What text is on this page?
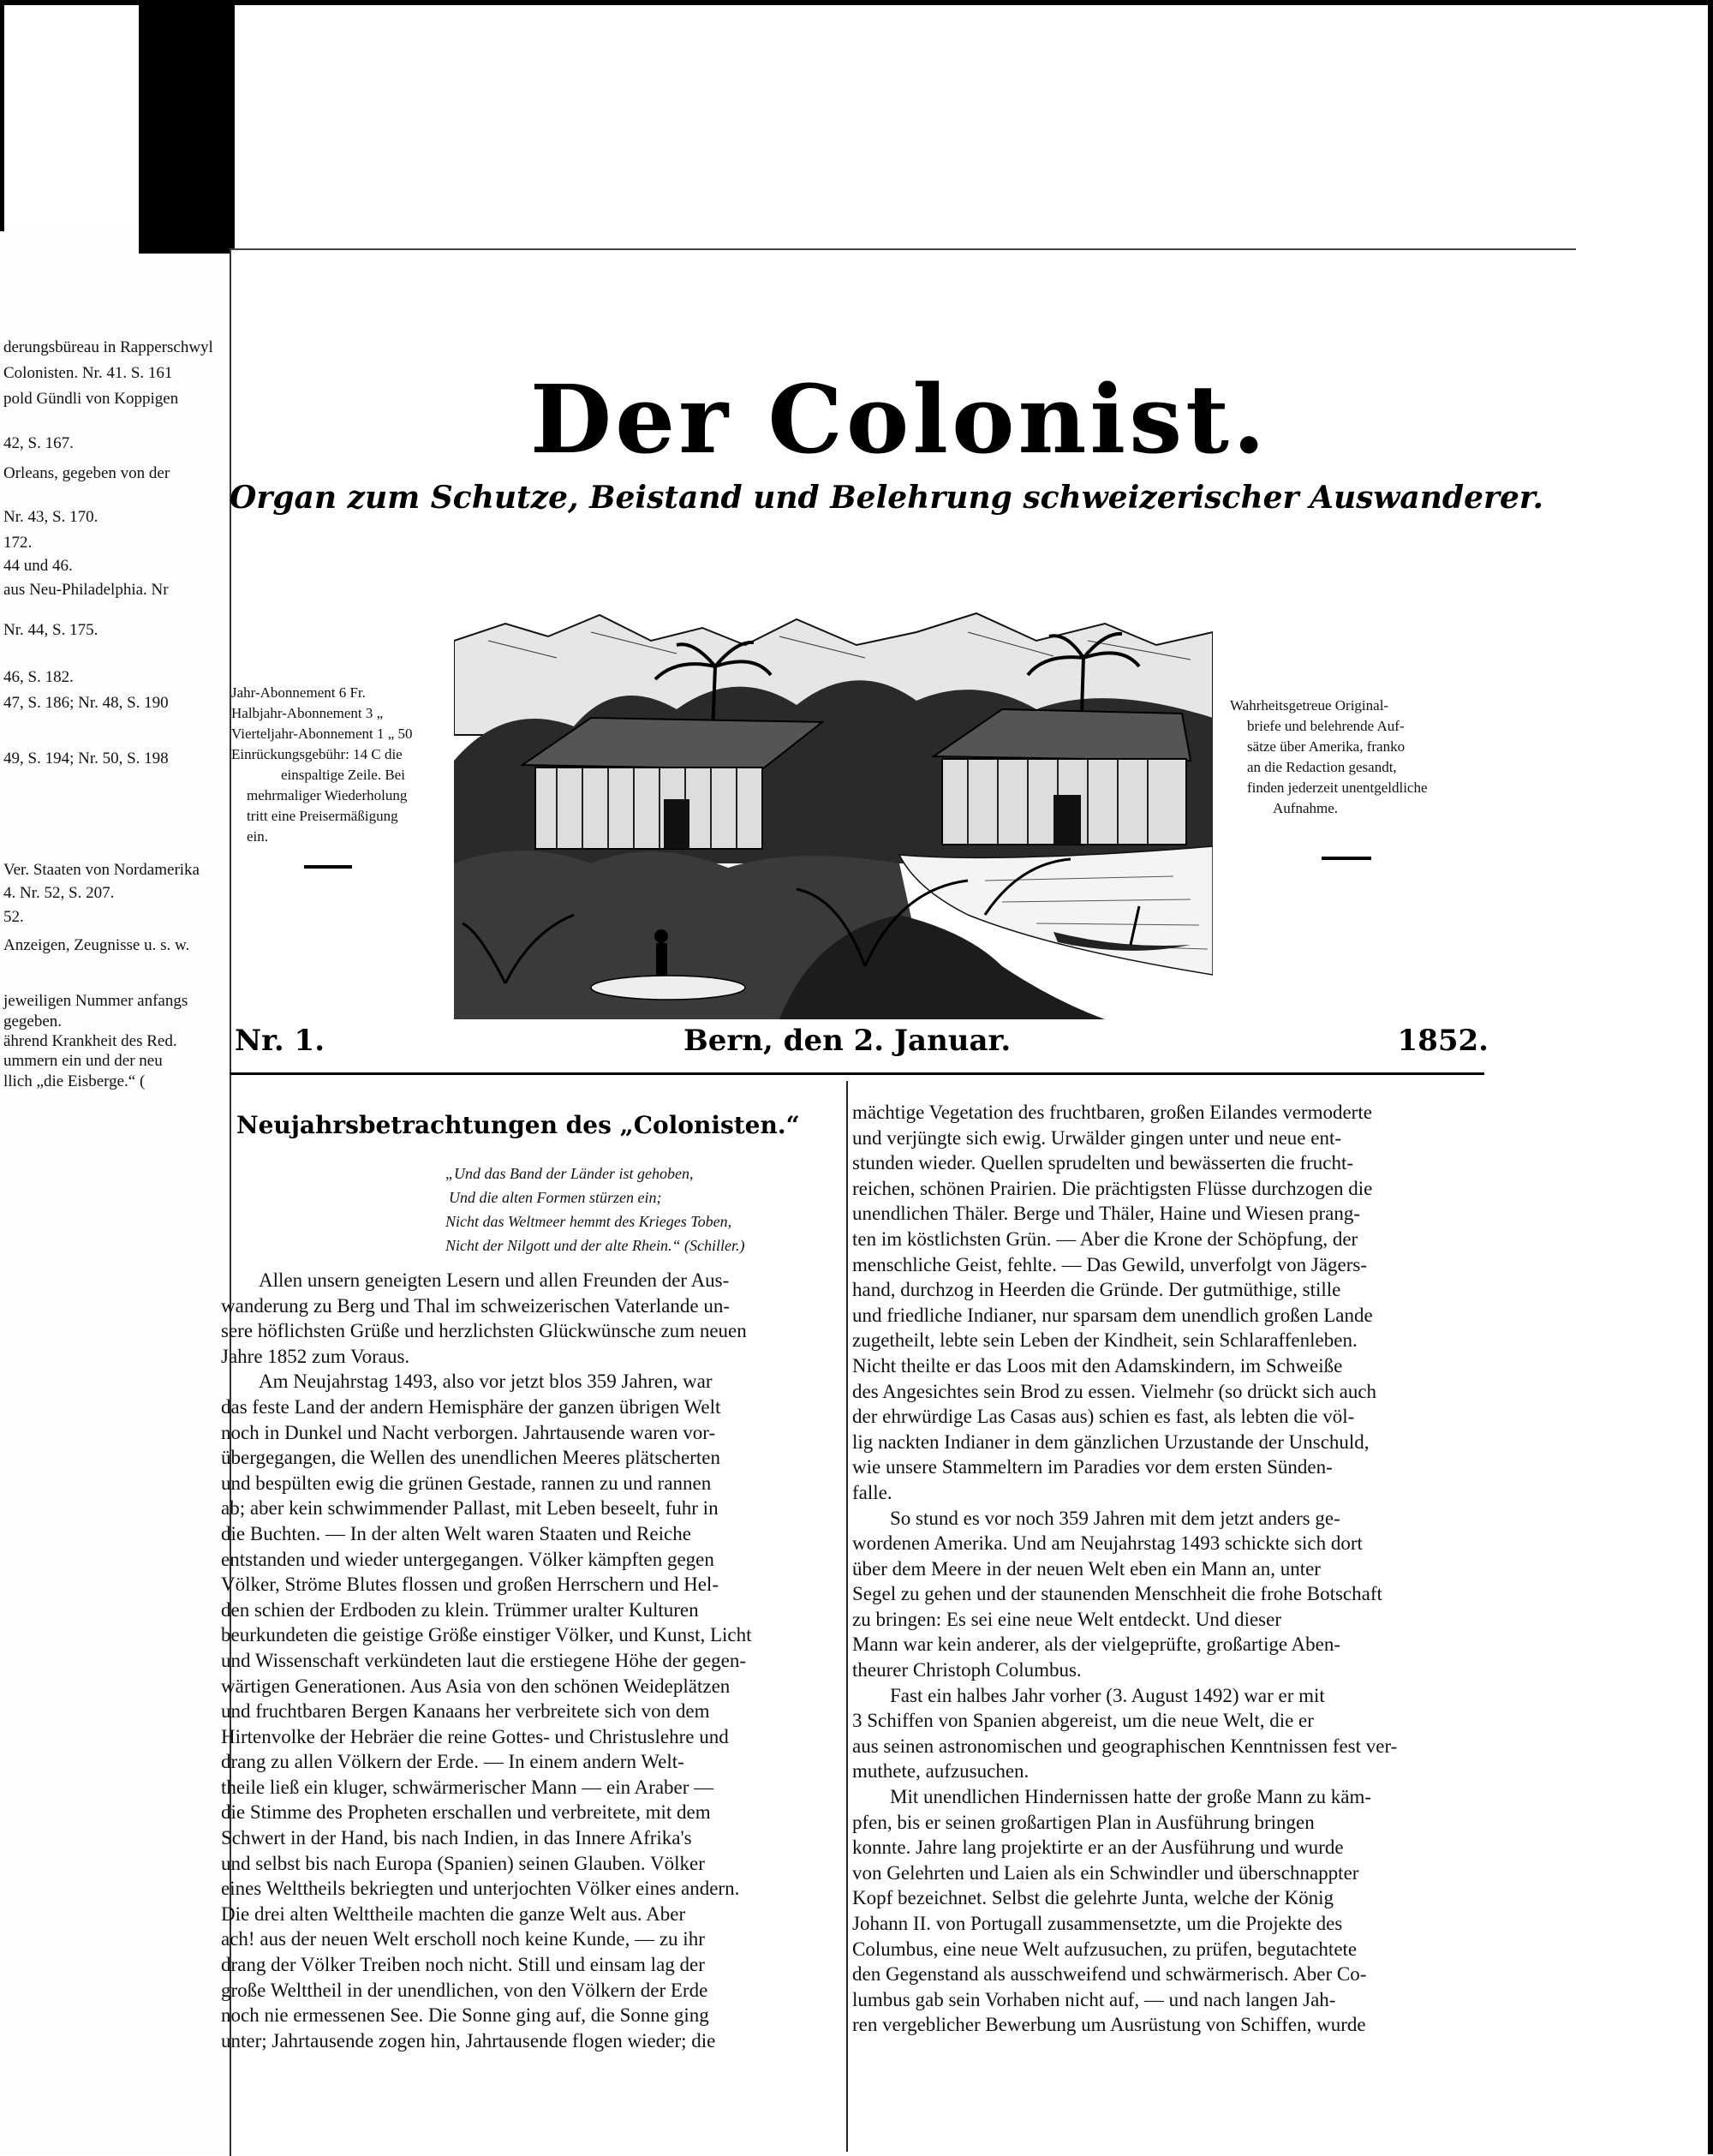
derungsbüreau in Rapperschwyl
Colonisten. Nr. 41. S. 161
pold Gündli von Koppigen
42, S. 167.
Orleans, gegeben von der
Nr. 43, S. 170.
172.
44 und 46.
aus Neu-Philadelphia. Nr
Nr. 44, S. 175.
46, S. 182.
47, S. 186; Nr. 48, S. 190
49, S. 194; Nr. 50, S. 198
Ver. Staaten von Nordamerika
4. Nr. 52, S. 207.
52.
Anzeigen, Zeugnisse u. s. w.
jeweiligen Nummer anfangs
gegeben.
ährend Krankheit des Red.
ummern ein und der neu
llich „die Eisberge.“ (
Der Colonist.
Organ zum Schutze, Beistand und Belehrung schweizerischer Auswanderer.
Jahr-Abonnement 6 Fr.
Halbjahr-Abonnement 3 „
Vierteljahr-Abonnement 1 „ 50
Einrückungsgebühr: 14 C die
einspaltige Zeile. Bei
mehrmaliger Wiederholung
tritt eine Preisermäßigung
ein.
Wahrheitsgetreue Original-
briefe und belehrende Auf-
sätze über Amerika, franko
an die Redaction gesandt,
finden jederzeit unentgeldliche
Aufnahme.
Nr. 1.	Bern, den 2. Januar.	1852.
Neujahrsbetrachtungen des „Colonisten.“
„Und das Band der Länder ist gehoben,
Und die alten Formen stürzen ein;
Nicht das Weltmeer hemmt des Krieges Toben,
Nicht der Nilgott und der alte Rhein.“ (Schiller.)
Allen unsern geneigten Lesern und allen Freunden der Aus-
wanderung zu Berg und Thal im schweizerischen Vaterlande un-
sere höflichsten Grüße und herzlichsten Glückwünsche zum neuen
Jahre 1852 zum Voraus.
Am Neujahrstag 1493, also vor jetzt blos 359 Jahren, war
das feste Land der andern Hemisphäre der ganzen übrigen Welt
noch in Dunkel und Nacht verborgen. Jahrtausende waren vor-
übergegangen, die Wellen des unendlichen Meeres plätscherten
und bespülten ewig die grünen Gestade, rannen zu und rannen
ab; aber kein schwimmender Pallast, mit Leben beseelt, fuhr in
die Buchten. — In der alten Welt waren Staaten und Reiche
entstanden und wieder untergegangen. Völker kämpften gegen
Völker, Ströme Blutes flossen und großen Herrschern und Hel-
den schien der Erdboden zu klein. Trümmer uralter Kulturen
beurkundeten die geistige Größe einstiger Völker, und Kunst, Licht
und Wissenschaft verkündeten laut die erstiegene Höhe der gegen-
wärtigen Generationen. Aus Asia von den schönen Weideplätzen
und fruchtbaren Bergen Kanaans her verbreitete sich von dem
Hirtenvolke der Hebräer die reine Gottes- und Christuslehre und
drang zu allen Völkern der Erde. — In einem andern Welt-
theile ließ ein kluger, schwärmerischer Mann — ein Araber —
die Stimme des Propheten erschallen und verbreitete, mit dem
Schwert in der Hand, bis nach Indien, in das Innere Afrika's
und selbst bis nach Europa (Spanien) seinen Glauben. Völker
eines Welttheils bekriegten und unterjochten Völker eines andern.
Die drei alten Welttheile machten die ganze Welt aus. Aber
ach! aus der neuen Welt erscholl noch keine Kunde, — zu ihr
drang der Völker Treiben noch nicht. Still und einsam lag der
große Welttheil in der unendlichen, von den Völkern der Erde
noch nie ermessenen See. Die Sonne ging auf, die Sonne ging
unter; Jahrtausende zogen hin, Jahrtausende flogen wieder; die
mächtige Vegetation des fruchtbaren, großen Eilandes vermoderte
und verjüngte sich ewig. Urwälder gingen unter und neue ent-
stunden wieder. Quellen sprudelten und bewässerten die frucht-
reichen, schönen Prairien. Die prächtigsten Flüsse durchzogen die
unendlichen Thäler. Berge und Thäler, Haine und Wiesen prang-
ten im köstlichsten Grün. — Aber die Krone der Schöpfung, der
menschliche Geist, fehlte. — Das Gewild, unverfolgt von Jägers-
hand, durchzog in Heerden die Gründe. Der gutmüthige, stille
und friedliche Indianer, nur sparsam dem unendlich großen Lande
zugetheilt, lebte sein Leben der Kindheit, sein Schlaraffenleben.
Nicht theilte er das Loos mit den Adamskindern, im Schweiße
des Angesichtes sein Brod zu essen. Vielmehr (so drückt sich auch
der ehrwürdige Las Casas aus) schien es fast, als lebten die völ-
lig nackten Indianer in dem gänzlichen Urzustande der Unschuld,
wie unsere Stammeltern im Paradies vor dem ersten Sünden-
falle.
So stund es vor noch 359 Jahren mit dem jetzt anders ge-
wordenen Amerika. Und am Neujahrstag 1493 schickte sich dort
über dem Meere in der neuen Welt eben ein Mann an, unter
Segel zu gehen und der staunenden Menschheit die frohe Botschaft
zu bringen: Es sei eine neue Welt entdeckt. Und dieser
Mann war kein anderer, als der vielgeprüfte, großartige Aben-
theurer Christoph Columbus.
Fast ein halbes Jahr vorher (3. August 1492) war er mit
3 Schiffen von Spanien abgereist, um die neue Welt, die er
aus seinen astronomischen und geographischen Kenntnissen fest ver-
muthete, aufzusuchen.
Mit unendlichen Hindernissen hatte der große Mann zu käm-
pfen, bis er seinen großartigen Plan in Ausführung bringen
konnte. Jahre lang projektirte er an der Ausführung und wurde
von Gelehrten und Laien als ein Schwindler und überschnappter
Kopf bezeichnet. Selbst die gelehrte Junta, welche der König
Johann II. von Portugall zusammensetzte, um die Projekte des
Columbus, eine neue Welt aufzusuchen, zu prüfen, begutachtete
den Gegenstand als ausschweifend und schwärmerisch. Aber Co-
lumbus gab sein Vorhaben nicht auf, — und nach langen Jah-
ren vergeblicher Bewerbung um Ausrüstung von Schiffen, wurde
